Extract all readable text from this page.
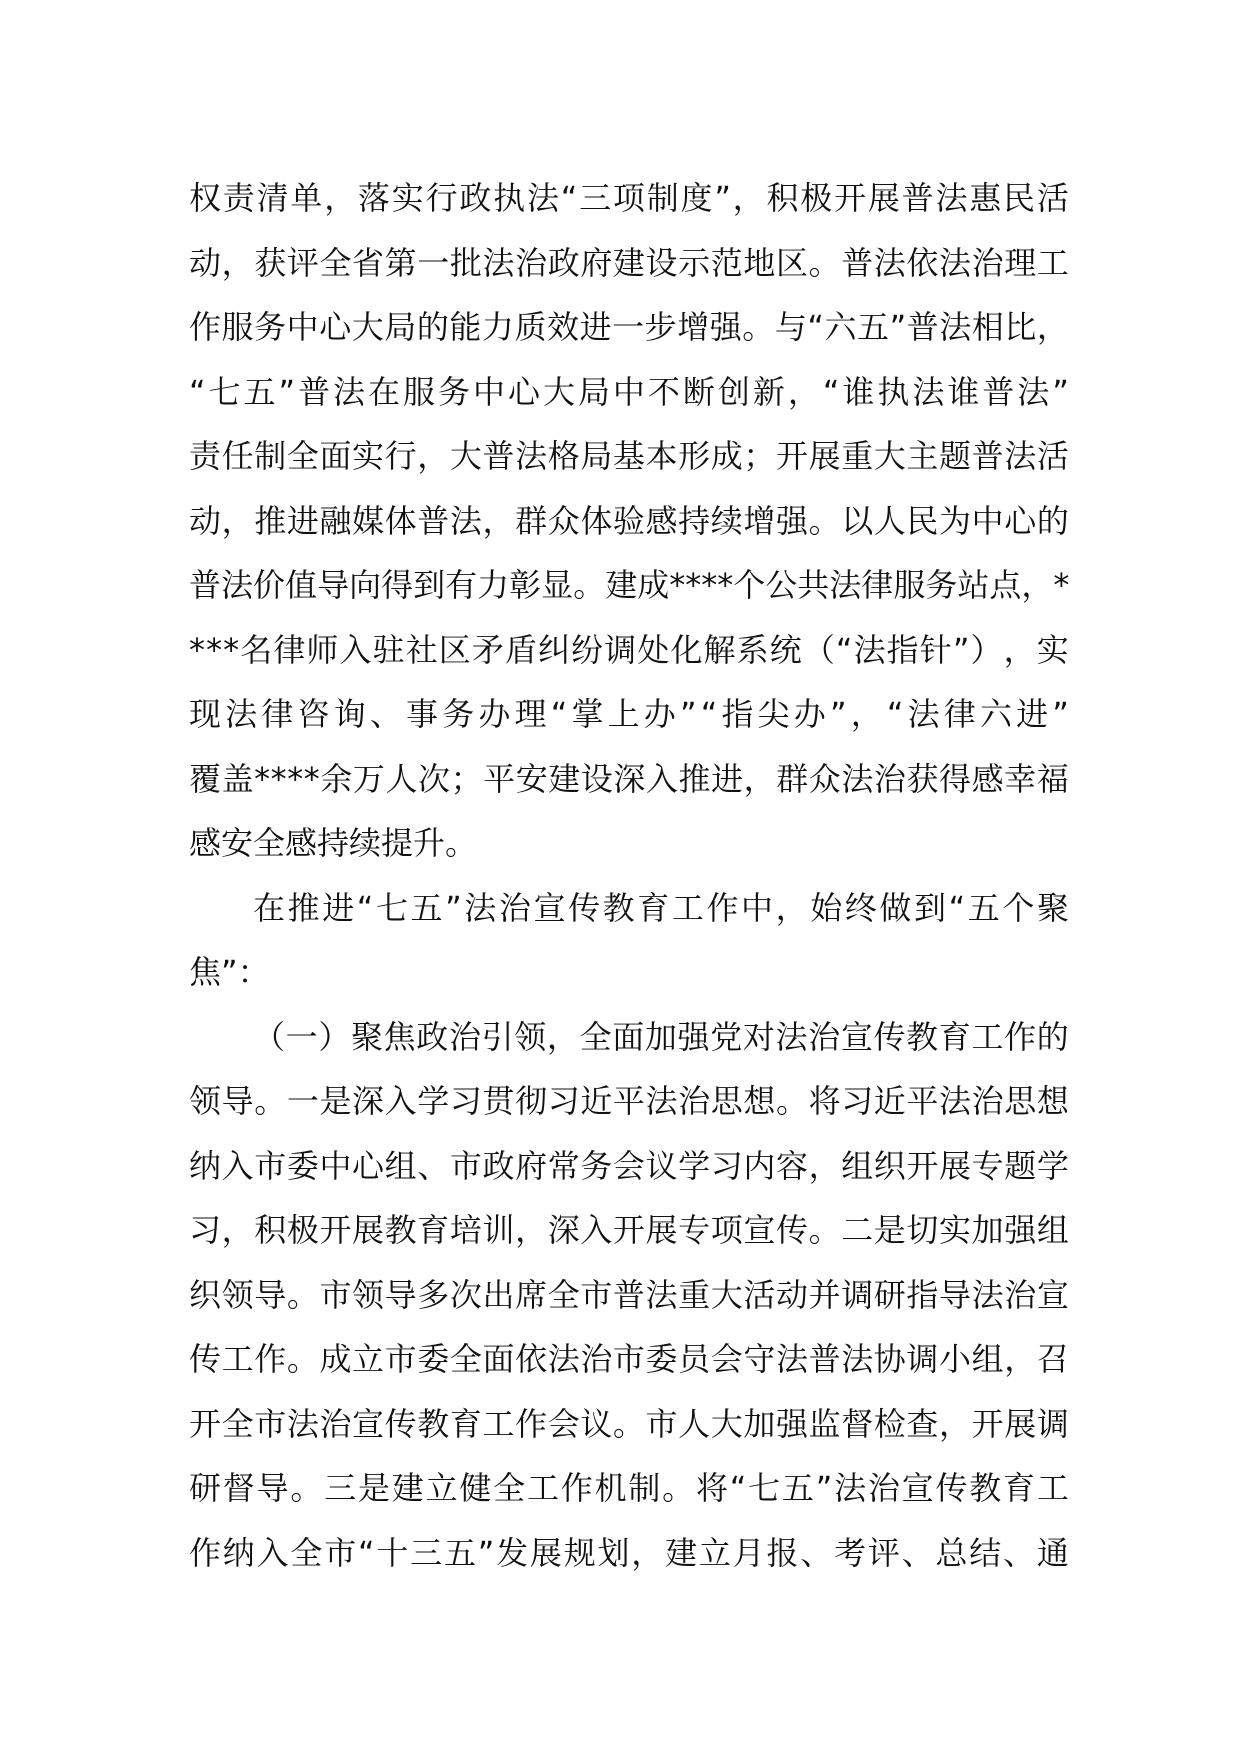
权 责 清 单 ， 落 实 行 政 执 法 “ 三 项 制 度 ” ， 积 极 开 展 普 法 惠 民 活
动 ， 获 评 全 省 第 一 批 法 治 政 府 建 设 示 范 地 区 。 普 法 依 法 治 理 工
作 服 务 中 心 大 局 的 能 力 质 效 进 一 步 增 强 。 与 “ 六 五 ” 普 法 相 比 ，
“ 七 五 ” 普 法 在 服 务 中 心 大 局 中 不 断 创 新 ， “ 谁 执 法 谁 普 法 ”
责 任 制 全 面 实 行 ， 大 普 法 格 局 基 本 形 成 ； 开 展 重 大 主 题 普 法 活
动 ， 推 进 融 媒 体 普 法 ， 群 众 体 验 感 持 续 增 强 。 以 人 民 为 中 心 的
普 法 价 值 导 向 得 到 有 力 彰 显 。 建 成 * * * * 个 公 共 法 律 服 务 站 点 ， *
* * * 名 律 师 入 驻 社 区 矛 盾 纠 纷 调 处 化 解 系 统 （ “ 法 指 针 ” ） ， 实
现 法 律 咨 询 、 事 务 办 理 “ 掌 上 办 ” “ 指 尖 办 ” ， “ 法 律 六 进 ”
覆 盖 * * * * 余 万 人 次 ； 平 安 建 设 深 入 推 进 ， 群 众 法 治 获 得 感 幸 福
感安全感持续提升。
在 推 进 “ 七 五 ” 法 治 宣 传 教 育 工 作 中 ， 始 终 做 到 “ 五 个 聚
焦”：
（ 一 ） 聚 焦 政 治 引 领 ， 全 面 加 强 党 对 法 治 宣 传 教 育 工 作 的
领 导 。 一 是 深 入 学 习 贯 彻 习 近 平 法 治 思 想 。 将 习 近 平 法 治 思 想
纳 入 市 委 中 心 组 、 市 政 府 常 务 会 议 学 习 内 容 ， 组 织 开 展 专 题 学
习 ， 积 极 开 展 教 育 培 训 ， 深 入 开 展 专 项 宣 传 。 二 是 切 实 加 强 组
织 领 导 。 市 领 导 多 次 出 席 全 市 普 法 重 大 活 动 并 调 研 指 导 法 治 宣
传 工 作 。 成 立 市 委 全 面 依 法 治 市 委 员 会 守 法 普 法 协 调 小 组 ， 召
开 全 市 法 治 宣 传 教 育 工 作 会 议 。 市 人 大 加 强 监 督 检 查 ， 开 展 调
研 督 导 。 三 是 建 立 健 全 工 作 机 制 。 将 “ 七 五 ” 法 治 宣 传 教 育 工
作 纳 入 全 市 “ 十 三 五 ” 发 展 规 划 ， 建 立 月 报 、 考 评 、 总 结 、 通
